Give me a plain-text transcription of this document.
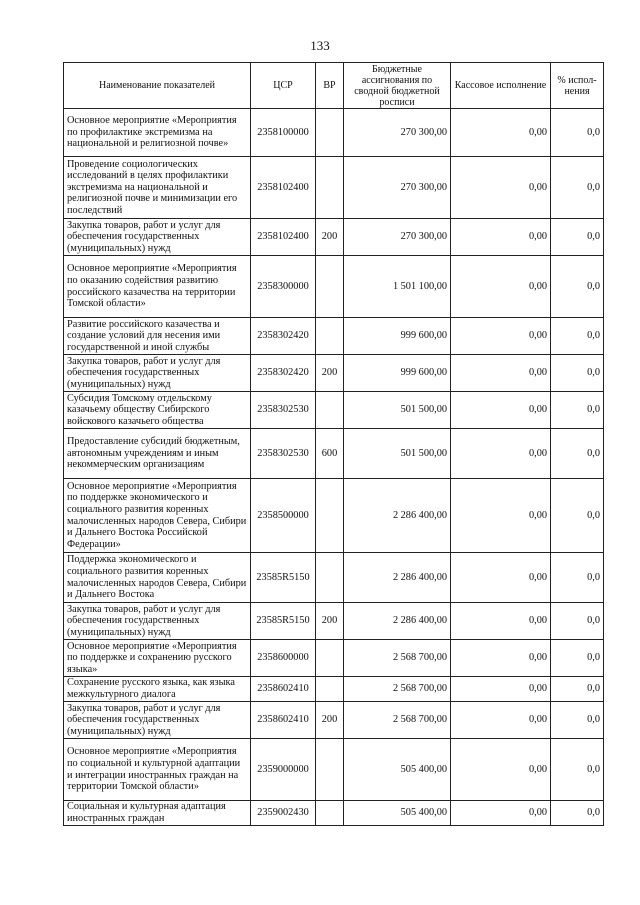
133
Наименование показателей	ЦСР	ВР	Бюджетные ассигнования по сводной бюджетной росписи	Кассовое исполнение	% испол-нения
Основное мероприятие «Мероприятия по профилактике экстремизма на национальной и религиозной почве»	2358100000		270 300,00	0,00	0,0
Проведение социологических исследований в целях профилактики экстремизма на национальной и религиозной почве и минимизации его последствий	2358102400		270 300,00	0,00	0,0
Закупка товаров, работ и услуг для обеспечения государственных (муниципальных) нужд	2358102400	200	270 300,00	0,00	0,0
Основное мероприятие «Мероприятия по оказанию содействия развитию российского казачества на территории Томской области»	2358300000		1 501 100,00	0,00	0,0
Развитие российского казачества и создание условий для несения ими государственной и иной службы	2358302420		999 600,00	0,00	0,0
Закупка товаров, работ и услуг для обеспечения государственных (муниципальных) нужд	2358302420	200	999 600,00	0,00	0,0
Субсидия Томскому отдельскому казачьему обществу Сибирского войскового казачьего общества	2358302530		501 500,00	0,00	0,0
Предоставление субсидий бюджетным, автономным учреждениям и иным некоммерческим организациям	2358302530	600	501 500,00	0,00	0,0
Основное мероприятие «Мероприятия по поддержке экономического и социального развития коренных малочисленных народов Севера, Сибири и Дальнего Востока Российской Федерации»	2358500000		2 286 400,00	0,00	0,0
Поддержка экономического и социального развития коренных малочисленных народов Севера, Сибири и Дальнего Востока	23585R5150		2 286 400,00	0,00	0,0
Закупка товаров, работ и услуг для обеспечения государственных (муниципальных) нужд	23585R5150	200	2 286 400,00	0,00	0,0
Основное мероприятие «Мероприятия по поддержке и сохранению русского языка»	2358600000		2 568 700,00	0,00	0,0
Сохранение русского языка, как языка межкультурного диалога	2358602410		2 568 700,00	0,00	0,0
Закупка товаров, работ и услуг для обеспечения государственных (муниципальных) нужд	2358602410	200	2 568 700,00	0,00	0,0
Основное мероприятие «Мероприятия по социальной и культурной адаптации и интеграции иностранных граждан на территории Томской области»	2359000000		505 400,00	0,00	0,0
Социальная и культурная адаптация иностранных граждан	2359002430		505 400,00	0,00	0,0
